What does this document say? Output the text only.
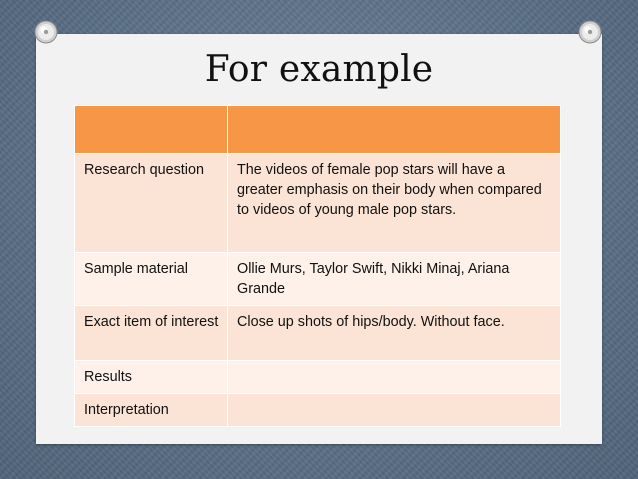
For example

Research question	The videos of female pop stars will have a greater emphasis on their body when compared to videos of young male pop stars.
Sample material	Ollie Murs, Taylor Swift, Nikki Minaj, Ariana Grande
Exact item of interest	Close up shots of hips/body. Without face.
Results	
Interpretation	
